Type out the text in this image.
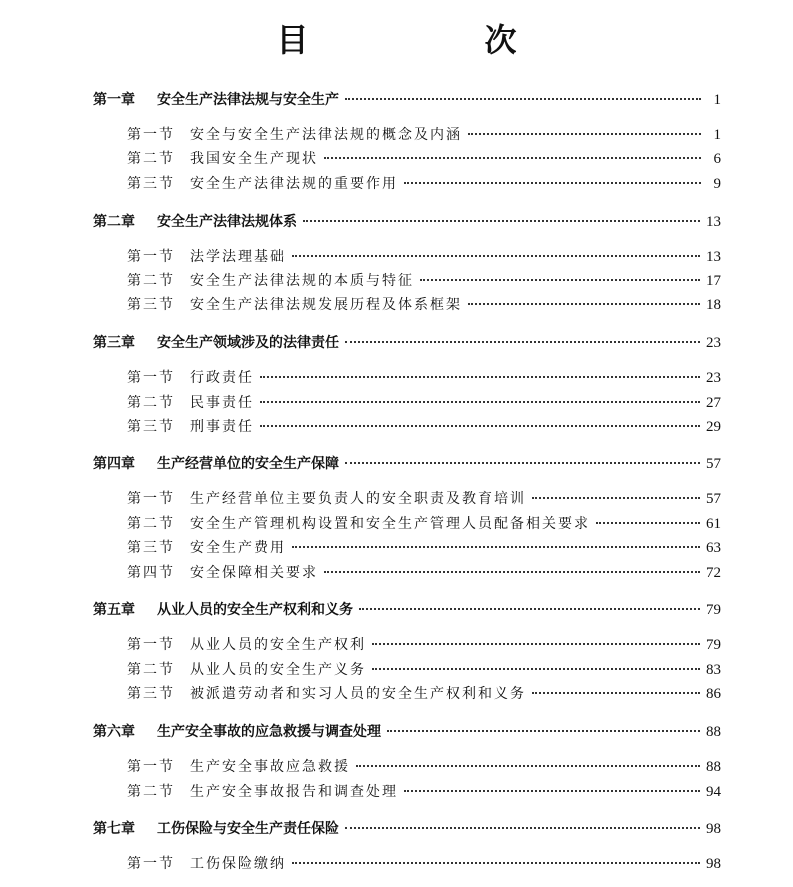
目　次
第一章	安全生产法律法规与安全生产	1
第一节	安全与安全生产法律法规的概念及内涵	1
第二节	我国安全生产现状	6
第三节	安全生产法律法规的重要作用	9
第二章	安全生产法律法规体系	13
第一节	法学法理基础	13
第二节	安全生产法律法规的本质与特征	17
第三节	安全生产法律法规发展历程及体系框架	18
第三章	安全生产领域涉及的法律责任	23
第一节	行政责任	23
第二节	民事责任	27
第三节	刑事责任	29
第四章	生产经营单位的安全生产保障	57
第一节	生产经营单位主要负责人的安全职责及教育培训	57
第二节	安全生产管理机构设置和安全生产管理人员配备相关要求	61
第三节	安全生产费用	63
第四节	安全保障相关要求	72
第五章	从业人员的安全生产权利和义务	79
第一节	从业人员的安全生产权利	79
第二节	从业人员的安全生产义务	83
第三节	被派遣劳动者和实习人员的安全生产权利和义务	86
第六章	生产安全事故的应急救援与调查处理	88
第一节	生产安全事故应急救援	88
第二节	生产安全事故报告和调查处理	94
第七章	工伤保险与安全生产责任保险	98
第一节	工伤保险缴纳	98
